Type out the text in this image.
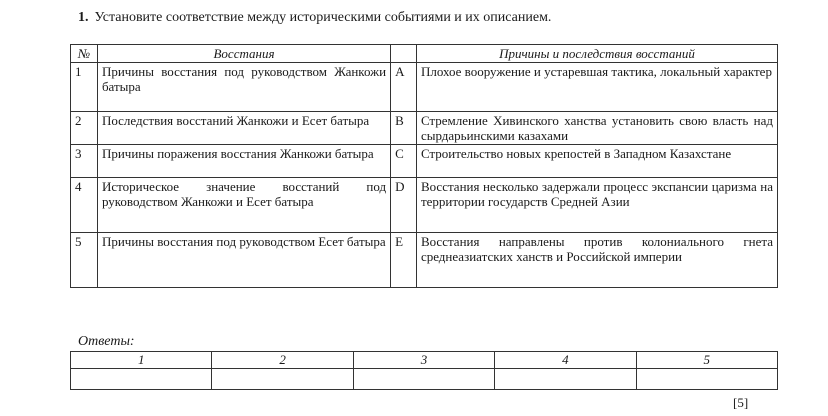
1. Установите соответствие между историческими событиями и их описанием.
№	Восстания		Причины и последствия восстаний
1	Причины восстания под руководством Жанкожи батыра	A	Плохое вооружение и устаревшая тактика, локальный характер
2	Последствия восстаний Жанкожи и Есет батыра	B	Стремление Хивинского ханства установить свою власть над сырдарьинскими казахами
3	Причины поражения восстания Жанкожи батыра	C	Строительство новых крепостей в Западном Казахстане
4	Историческое значение восстаний под руководством Жанкожи и Есет батыра	D	Восстания несколько задержали процесс экспансии царизма на территории государств Средней Азии
5	Причины восстания под руководством Есет батыра	E	Восстания направлены против колониального гнета среднеазиатских ханств и Российской империи
Ответы:
1	2	3	4	5

[5]
